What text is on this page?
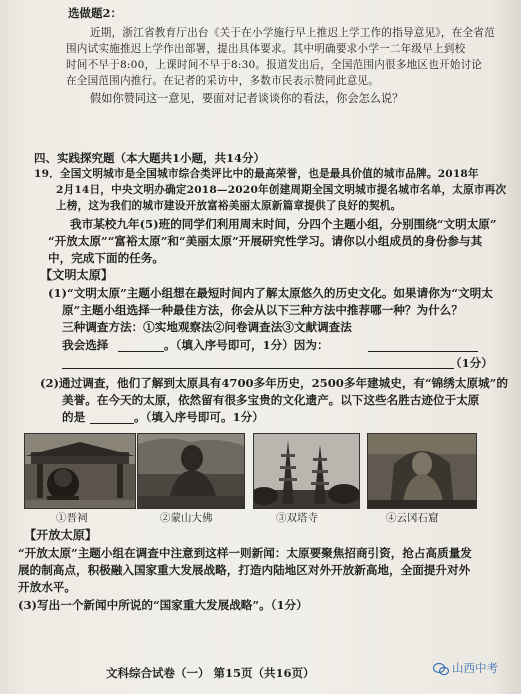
选做题2：
近期，浙江省教育厅出台《关于在小学施行早上推迟上学工作的指导意见》，在全省范
围内试实施推迟上学作出部署，提出具体要求。其中明确要求小学一二年级早上到校
时间不早于8:00，上课时间不早于8:30。报道发出后，全国范围内很多地区也开始讨论
在全国范围内推行。在记者的采访中，多数市民表示赞同此意见。
假如你赞同这一意见，要面对记者谈谈你的看法，你会怎么说？
四、实践探究题（本大题共1小题，共14分）
19．全国文明城市是全国城市综合类评比中的最高荣誉，也是最具价值的城市品牌。2018年
2月14日，中央文明办确定2018—2020年创建周期全国文明城市提名城市名单，太原市再次
上榜，这为我们的城市建设开放富裕美丽太原新篇章提供了良好的契机。
我市某校九年(5)班的同学们利用周末时间，分四个主题小组，分别围绕“文明太原”
“开放太原”“富裕太原”和“美丽太原”开展研究性学习。请你以小组成员的身份参与其
中，完成下面的任务。
【文明太原】
(1)“文明太原”主题小组想在最短时间内了解太原悠久的历史文化。如果请你为“文明太
原”主题小组选择一种最佳方法，你会从以下三种方法中推荐哪一种？为什么？
三种调查方法：①实地观察法②问卷调查法③文献调查法
我会选择	。（填入序号即可，1分）因为：
（1分）
(2)通过调查，他们了解到太原具有4700多年历史，2500多年建城史，有“锦绣太原城”的
美誉。在今天的太原，依然留有很多宝贵的文化遗产。以下这些名胜古迹位于太原
的是	。（填入序号即可。1分）
①晋祠	②蒙山大佛	③双塔寺	④云冈石窟
【开放太原】
“开放太原”主题小组在调查中注意到这样一则新闻：太原要聚焦招商引资，抢占高质量发
展的制高点，积极融入国家重大发展战略，打造内陆地区对外开放新高地，全面提升对外
开放水平。
(3)写出一个新闻中所说的“国家重大发展战略”。（1分）
文科综合试卷（一） 第15页（共16页）	山西中考
